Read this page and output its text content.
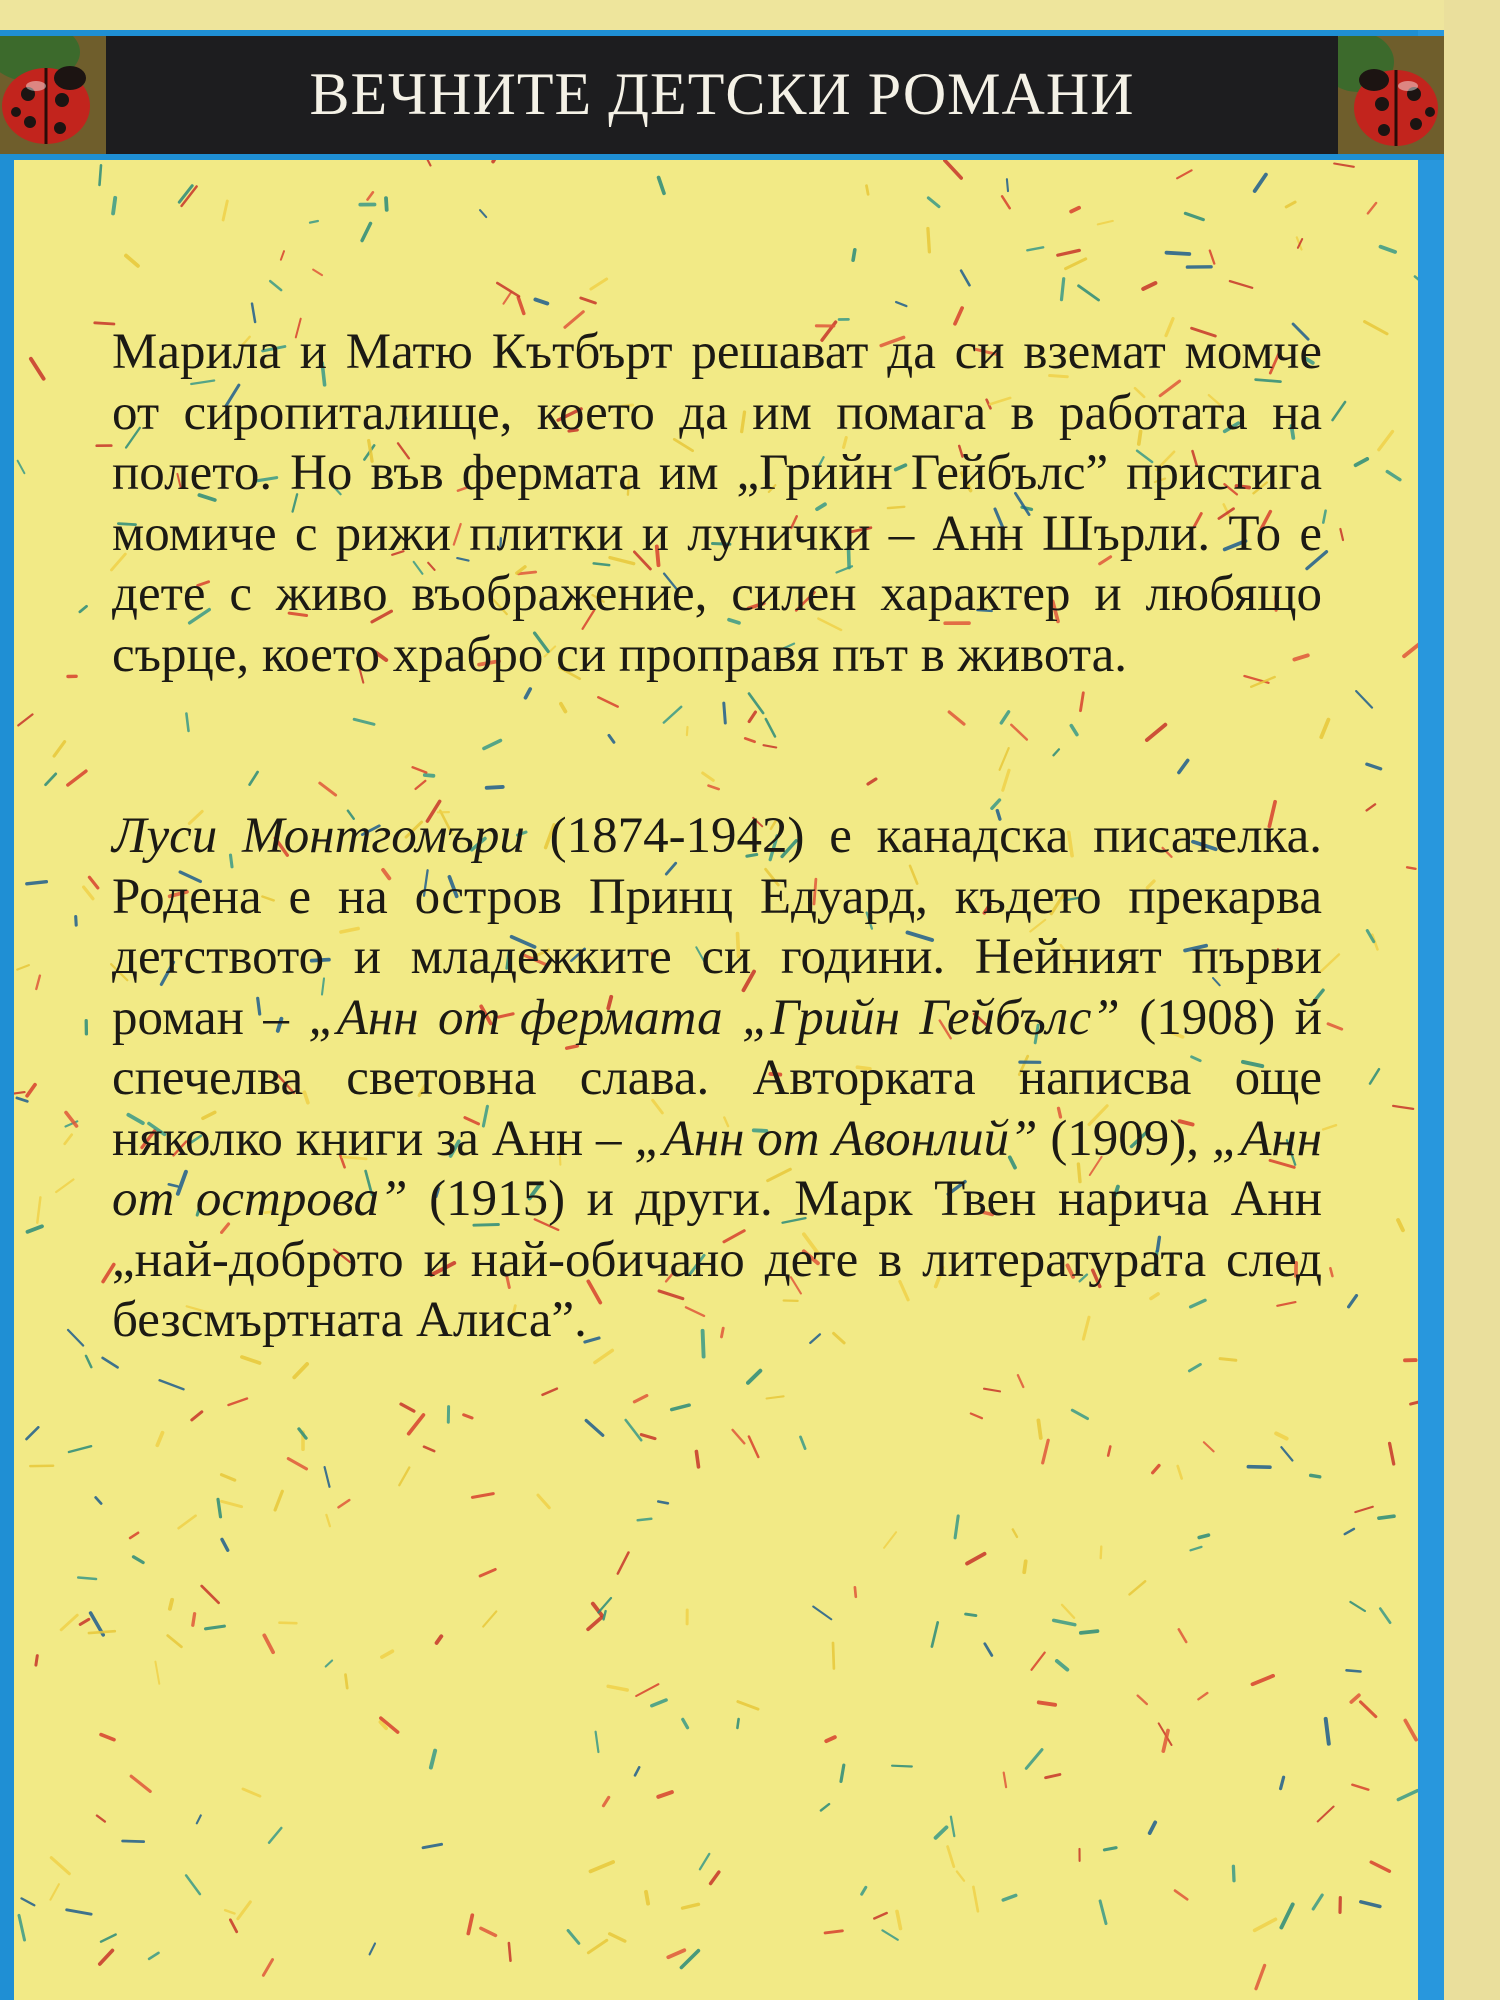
ВЕЧНИТЕ ДЕТСКИ РОМАНИ

Марила и Матю Кътбърт решават да си вземат момче от сиропиталище, което да им помага в работата на полето. Но във фермата им „Грийн Гейбълс” пристига момиче с рижи плитки и лунички – Анн Шърли. То е дете с живо въображение, силен характер и любящо сърце, което храбро си проправя път в живота.

Луси Монтгомъри (1874-1942) е канадска писателка. Родена е на остров Принц Едуард, където прекарва детството и младежките си години. Нейният първи роман – „Анн от фермата „Грийн Гейбълс” (1908) й спечелва световна слава. Авторката написва още няколко книги за Анн – „Анн от Авонлий” (1909), „Анн от острова” (1915) и други. Марк Твен нарича Анн „най-доброто и най-обичано дете в литературата след безсмъртната Алиса”.
